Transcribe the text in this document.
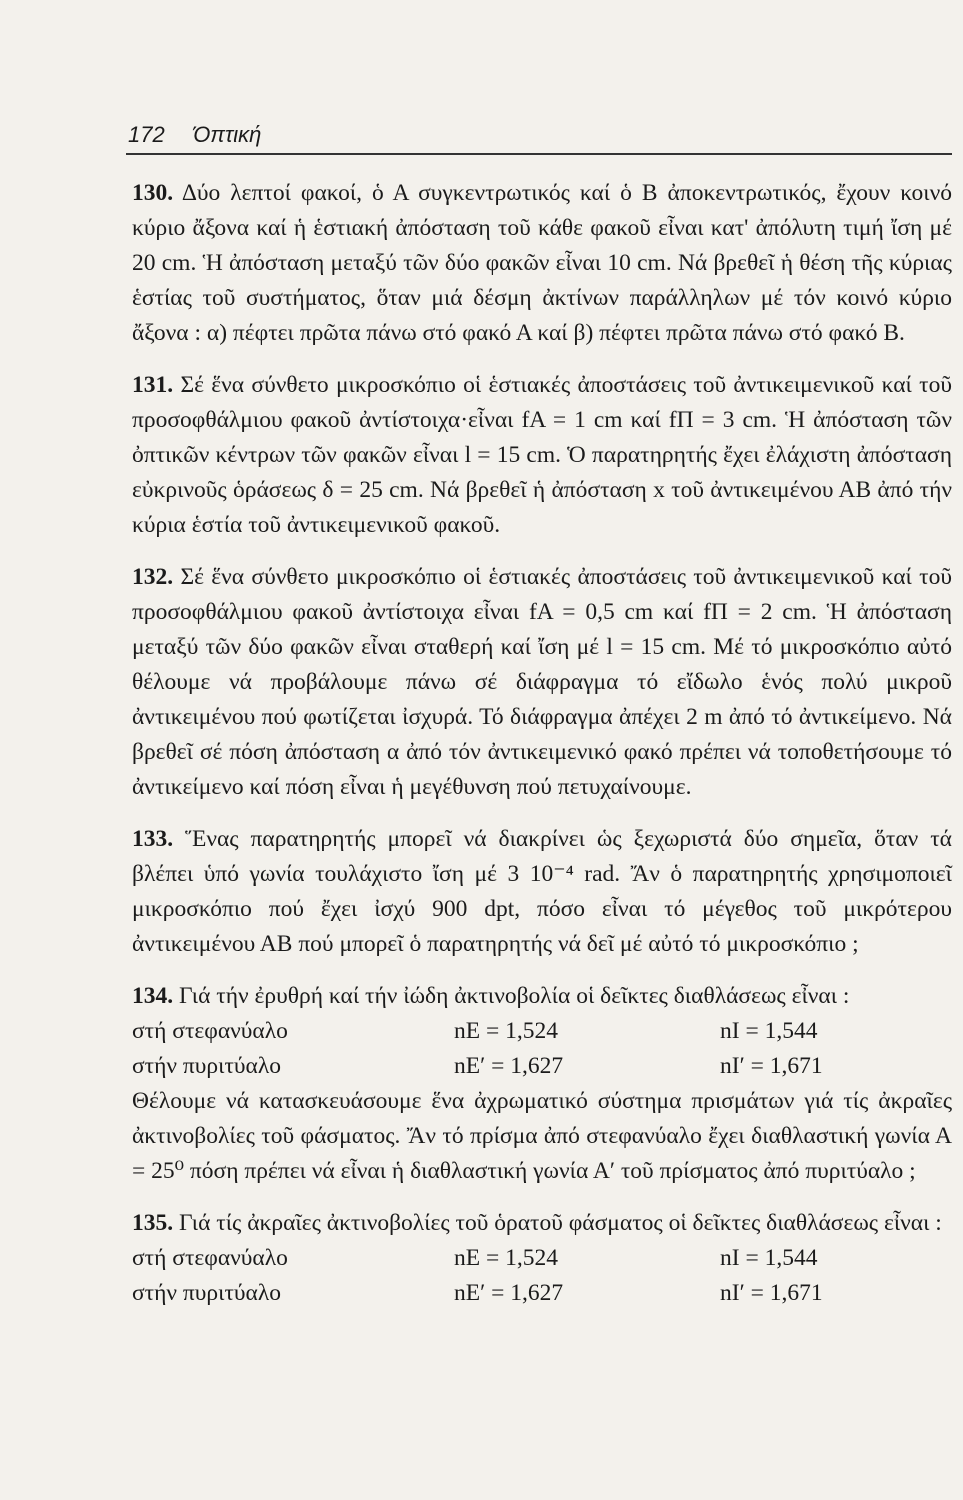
172 Όπτική

130. Δύο λεπτοί φακοί, ὁ Α συγκεντρωτικός καί ὁ Β ἀποκεντρωτικός, ἔχουν κοινό κύριο ἄξονα καί ἡ ἑστιακή ἀπόσταση τοῦ κάθε φακοῦ εἶναι κατ' ἀπόλυτη τιμή ἴση μέ 20 cm. Ἡ ἀπόσταση μεταξύ τῶν δύο φακῶν εἶναι 10 cm. Νά βρεθεῖ ἡ θέση τῆς κύριας ἑστίας τοῦ συστήματος, ὅταν μιά δέσμη ἀκτίνων παράλληλων μέ τόν κοινό κύριο ἄξονα : α) πέφτει πρῶτα πάνω στό φακό Α καί β) πέφτει πρῶτα πάνω στό φακό Β.

131. Σέ ἕνα σύνθετο μικροσκόπιο οἱ ἑστιακές ἀποστάσεις τοῦ ἀντικειμενικοῦ καί τοῦ προσοφθάλμιου φακοῦ ἀντίστοιχα·εἶναι fΑ = 1 cm καί fΠ = 3 cm. Ἡ ἀπόσταση τῶν ὀπτικῶν κέντρων τῶν φακῶν εἶναι l = 15 cm. Ὁ παρατηρητής ἔχει ἐλάχιστη ἀπόσταση εὐκρινοῦς ὁράσεως δ = 25 cm. Νά βρεθεῖ ἡ ἀπόσταση x τοῦ ἀντικειμένου ΑΒ ἀπό τήν κύρια ἑστία τοῦ ἀντικειμενικοῦ φακοῦ.

132. Σέ ἕνα σύνθετο μικροσκόπιο οἱ ἑστιακές ἀποστάσεις τοῦ ἀντικειμενικοῦ καί τοῦ προσοφθάλμιου φακοῦ ἀντίστοιχα εἶναι fΑ = 0,5 cm καί fΠ = 2 cm. Ἡ ἀπόσταση μεταξύ τῶν δύο φακῶν εἶναι σταθερή καί ἴση μέ l = 15 cm. Μέ τό μικροσκόπιο αὐτό θέλουμε νά προβάλουμε πάνω σέ διάφραγμα τό εἴδωλο ἑνός πολύ μικροῦ ἀντικειμένου πού φωτίζεται ἰσχυρά. Τό διάφραγμα ἀπέχει 2 m ἀπό τό ἀντικείμενο. Νά βρεθεῖ σέ πόση ἀπόσταση α ἀπό τόν ἀντικειμενικό φακό πρέπει νά τοποθετήσουμε τό ἀντικείμενο καί πόση εἶναι ἡ μεγέθυνση πού πετυχαίνουμε.

133. Ἕνας παρατηρητής μπορεῖ νά διακρίνει ὡς ξεχωριστά δύο σημεῖα, ὅταν τά βλέπει ὑπό γωνία τουλάχιστο ἴση μέ 3 10⁻⁴ rad. Ἄν ὁ παρατηρητής χρησιμοποιεῖ μικροσκόπιο πού ἔχει ἰσχύ 900 dpt, πόσο εἶναι τό μέγεθος τοῦ μικρότερου ἀντικειμένου ΑΒ πού μπορεῖ ὁ παρατηρητής νά δεῖ μέ αὐτό τό μικροσκόπιο ;

134. Γιά τήν ἐρυθρή καί τήν ἰώδη ἀκτινοβολία οἱ δεῖκτες διαθλάσεως εἶναι :
στή στεφανύαλο	nΕ = 1,524	nΙ = 1,544
στήν πυριτύαλο	nΕ′ = 1,627	nΙ′ = 1,671
Θέλουμε νά κατασκευάσουμε ἕνα ἀχρωματικό σύστημα πρισμάτων γιά τίς ἀκραῖες ἀκτινοβολίες τοῦ φάσματος. Ἄν τό πρίσμα ἀπό στεφανύαλο ἔχει διαθλαστική γωνία Α = 25⁰ πόση πρέπει νά εἶναι ἡ διαθλαστική γωνία Α′ τοῦ πρίσματος ἀπό πυριτύαλο ;
135. Γιά τίς ἀκραῖες ἀκτινοβολίες τοῦ ὁρατοῦ φάσματος οἱ δεῖκτες διαθλάσεως εἶναι :
στή στεφανύαλο	nΕ = 1,524	nΙ = 1,544
στήν πυριτύαλο	nΕ′ = 1,627	nΙ′ = 1,671
